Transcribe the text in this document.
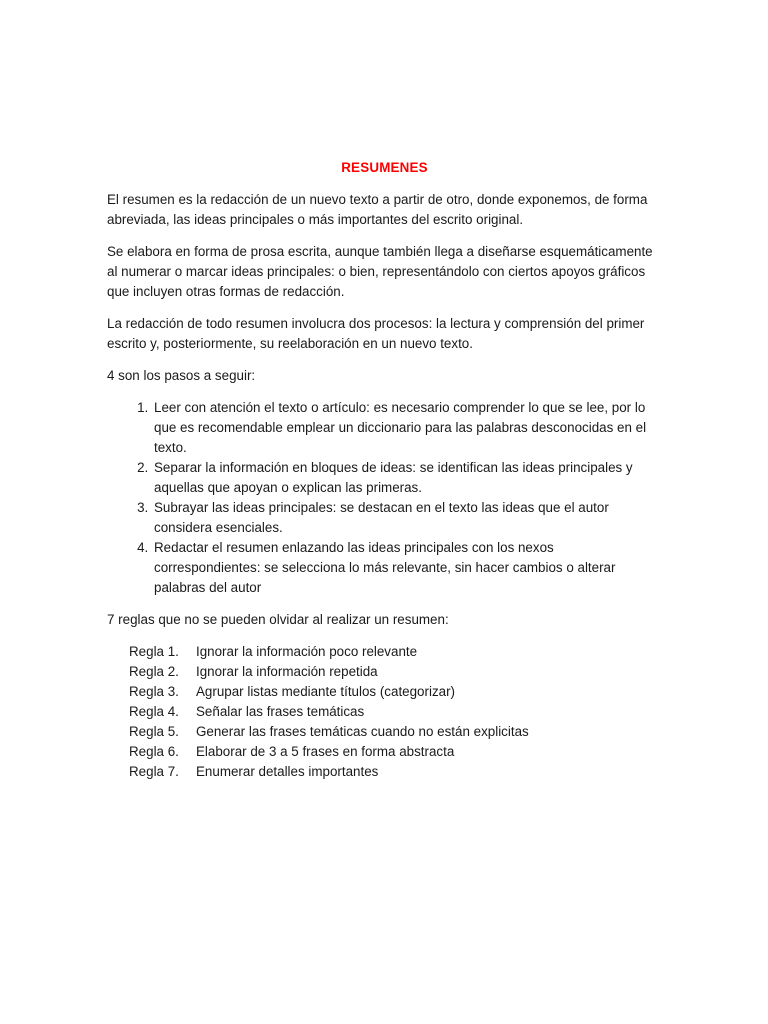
RESUMENES

El resumen es la redacción de un nuevo texto a partir de otro, donde exponemos, de forma abreviada, las ideas principales o más importantes del escrito original.

Se elabora en forma de prosa escrita, aunque también llega a diseñarse esquemáticamente al numerar o marcar ideas principales: o bien, representándolo con ciertos apoyos gráficos que incluyen otras formas de redacción.

La redacción de todo resumen involucra dos procesos: la lectura y comprensión del primer escrito y, posteriormente, su reelaboración en un nuevo texto.

4 son los pasos a seguir:

1. Leer con atención el texto o artículo: es necesario comprender lo que se lee, por lo que es recomendable emplear un diccionario para las palabras desconocidas en el texto.
2. Separar la información en bloques de ideas: se identifican las ideas principales y aquellas que apoyan o explican las primeras.
3. Subrayar las ideas principales: se destacan en el texto las ideas que el autor considera esenciales.
4. Redactar el resumen enlazando las ideas principales con los nexos correspondientes: se selecciona lo más relevante, sin hacer cambios o alterar palabras del autor

7 reglas que no se pueden olvidar al realizar un resumen:

Regla 1.	Ignorar la información poco relevante
Regla 2.	Ignorar la información repetida
Regla 3.	Agrupar listas mediante títulos (categorizar)
Regla 4.	Señalar las frases temáticas
Regla 5.	Generar las frases temáticas cuando no están explicitas
Regla 6.	Elaborar de 3 a 5 frases en forma abstracta
Regla 7.	Enumerar detalles importantes
